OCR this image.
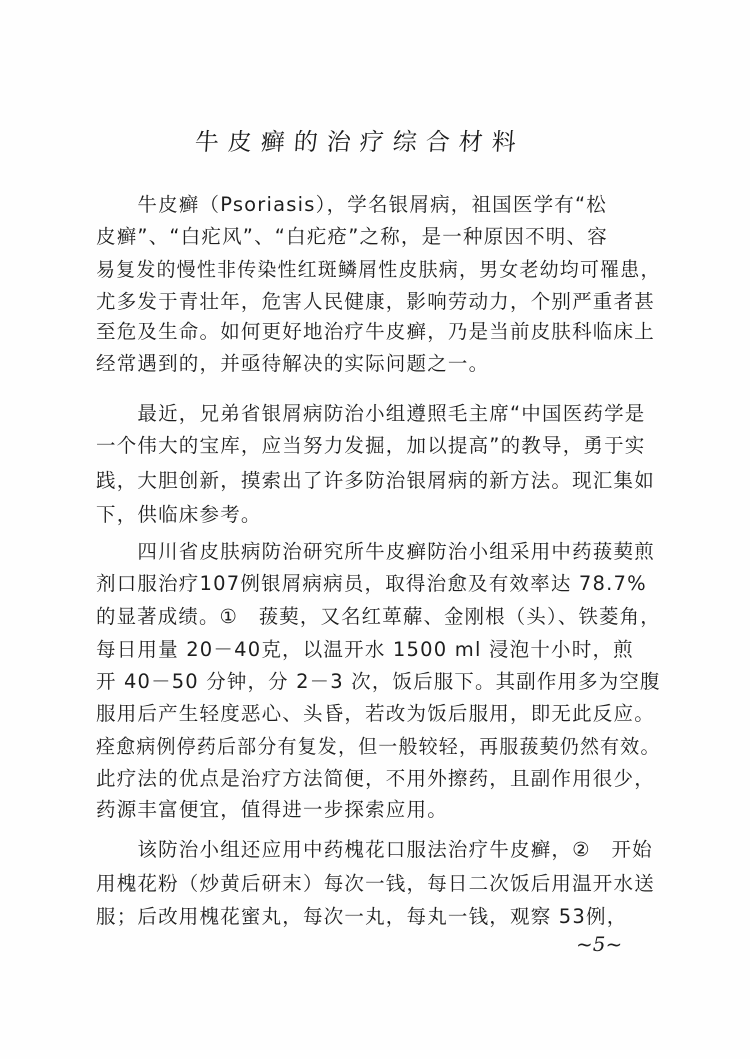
牛皮癣的治疗综合材料
　　牛皮癣（Psoriasis），学名银屑病，祖国医学有“松
皮癣”、“白疕风”、“白疕疮”之称，是一种原因不明、容
易复发的慢性非传染性红斑鳞屑性皮肤病，男女老幼均可罹患，
尤多发于青壮年，危害人民健康，影响劳动力，个别严重者甚
至危及生命。如何更好地治疗牛皮癣，乃是当前皮肤科临床上
经常遇到的，并亟待解决的实际问题之一。
　　最近，兄弟省银屑病防治小组遵照毛主席“中国医药学是
一个伟大的宝库，应当努力发掘，加以提高”的教导，勇于实
践，大胆创新，摸索出了许多防治银屑病的新方法。现汇集如
下，供临床参考。
　　四川省皮肤病防治研究所牛皮癣防治小组采用中药菝葜煎
剂口服治疗107例银屑病病员，取得治愈及有效率达 78.7%
的显著成绩。①　菝葜，又名红萆薢、金刚根（头）、铁菱角，
每日用量 20－40克，以温开水 1500 ml 浸泡十小时，煎
开 40－50 分钟，分 2－3 次，饭后服下。其副作用多为空腹
服用后产生轻度恶心、头昏，若改为饭后服用，即无此反应。
痊愈病例停药后部分有复发，但一般较轻，再服菝葜仍然有效。
此疗法的优点是治疗方法简便，不用外擦药，且副作用很少，
药源丰富便宜，值得进一步探索应用。
　　该防治小组还应用中药槐花口服法治疗牛皮癣，②　开始
用槐花粉（炒黄后研末）每次一钱，每日二次饭后用温开水送
服；后改用槐花蜜丸，每次一丸，每丸一钱，观察 53例，
~5~
